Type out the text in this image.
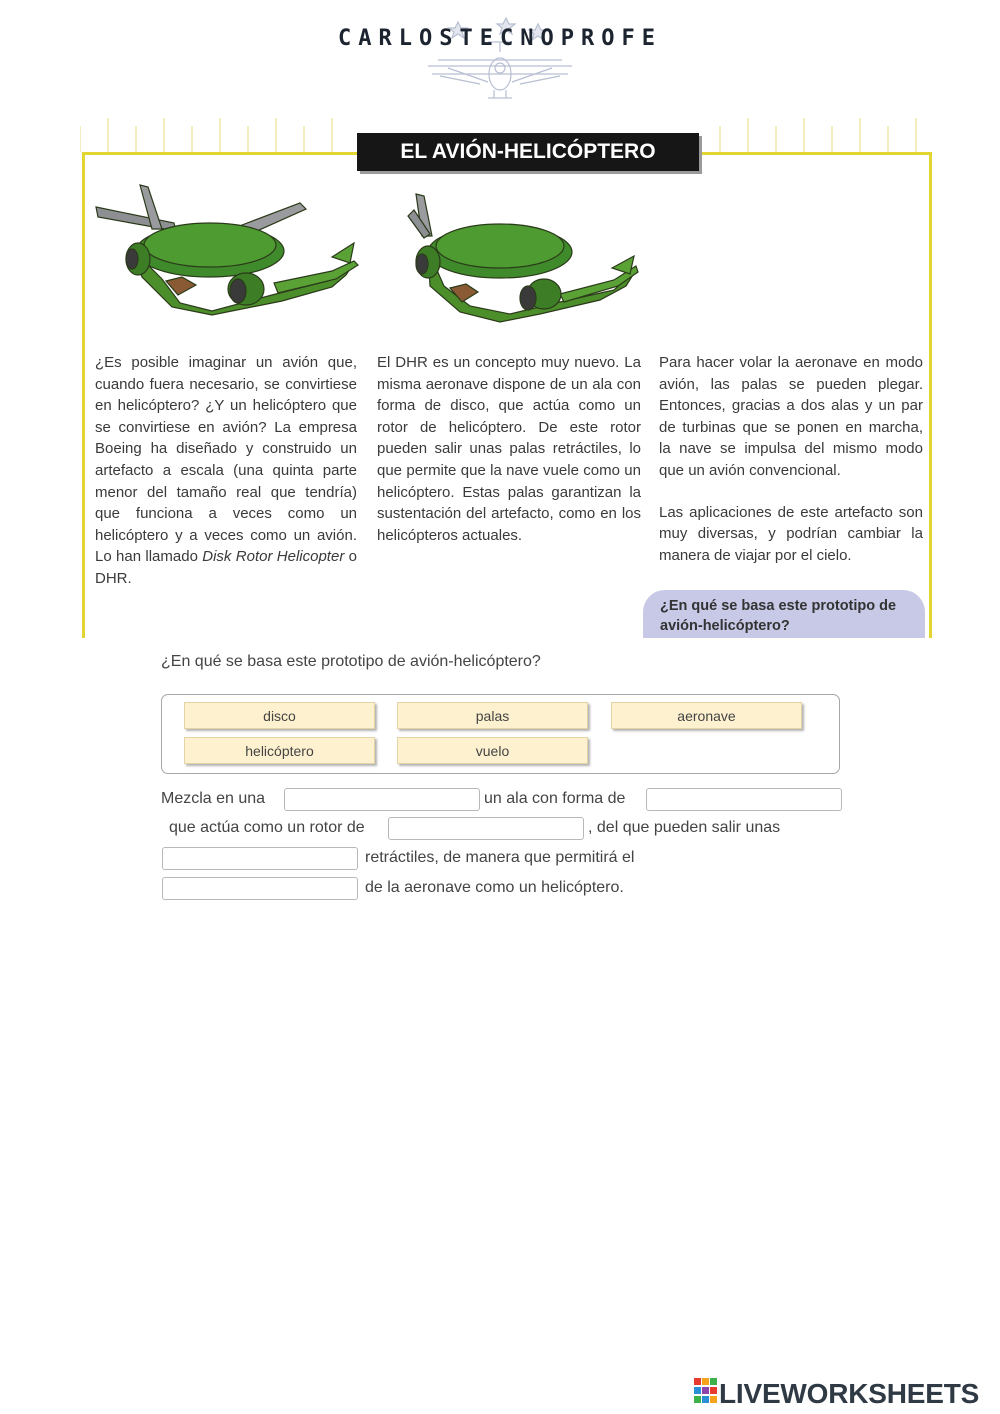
CARLOSTECNOPROFE
EL AVIÓN-HELICÓPTERO

¿Es posible imaginar un avión que, cuando fuera necesario, se convirtiese en helicóptero? ¿Y un helicóptero que se convirtiese en avión? La empresa Boeing ha diseñado y construido un artefacto a escala (una quinta parte menor del tamaño real que tendría) que funciona a veces como un helicóptero y a veces como un avión. Lo han llamado Disk Rotor Helicopter o DHR.

El DHR es un concepto muy nuevo. La misma aeronave dispone de un ala con forma de disco, que actúa como un rotor de helicóptero. De este rotor pueden salir unas palas retráctiles, lo que permite que la nave vuele como un helicóptero. Estas palas garantizan la sustentación del artefacto, como en los helicópteros actuales.

Para hacer volar la aeronave en modo avión, las palas se pueden plegar. Entonces, gracias a dos alas y un par de turbinas que se ponen en marcha, la nave se impulsa del mismo modo que un avión convencional.

Las aplicaciones de este artefacto son muy diversas, y podrían cambiar la manera de viajar por el cielo.

¿En qué se basa este prototipo de avión-helicóptero?
¿En qué se basa este prototipo de avión-helicóptero?
disco	palas	aeronave
helicóptero	vuelo
Mezcla en una	un ala con forma de
que actúa como un rotor de	, del que pueden salir unas
retráctiles, de manera que permitirá el
de la aeronave como un helicóptero.
LIVEWORKSHEETS
